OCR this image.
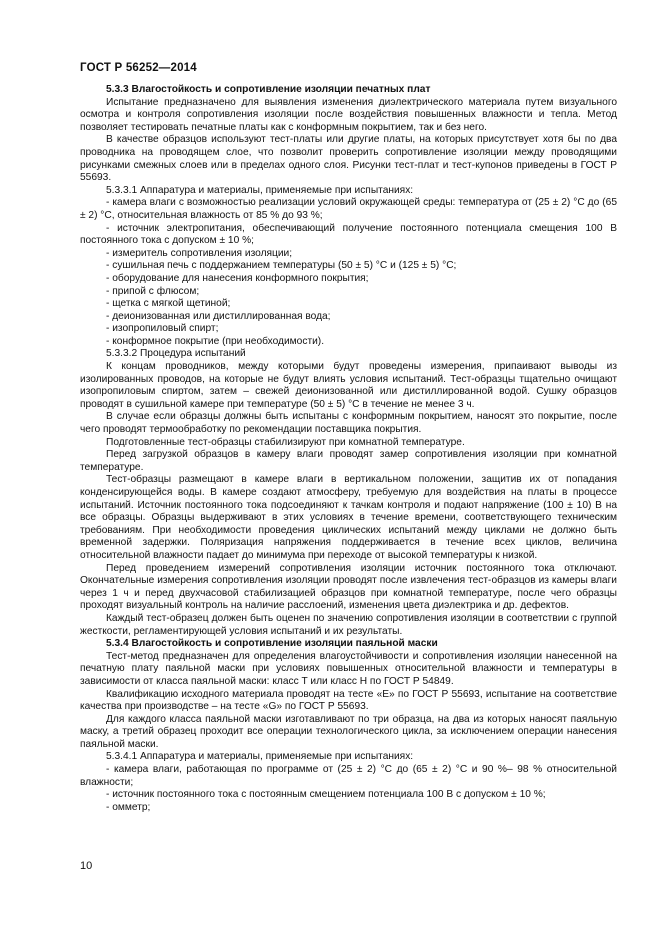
ГОСТ Р 56252—2014

5.3.3 Влагостойкость и сопротивление изоляции печатных плат

Испытание предназначено для выявления изменения диэлектрического материала путем визуального осмотра и контроля сопротивления изоляции после воздействия повышенных влажности и тепла. Метод позволяет тестировать печатные платы как с конформным покрытием, так и без него.

В качестве образцов используют тест-платы или другие платы, на которых присутствует хотя бы по два проводника на проводящем слое, что позволит проверить сопротивление изоляции между проводящими рисунками смежных слоев или в пределах одного слоя. Рисунки тест-плат и тест-купонов приведены в ГОСТ Р 55693.

5.3.3.1 Аппаратура и материалы, применяемые при испытаниях:

- камера влаги с возможностью реализации условий окружающей среды: температура от (25 ± 2) °С до (65 ± 2) °С, относительная влажность от 85 % до 93 %;

- источник электропитания, обеспечивающий получение постоянного потенциала смещения 100 В постоянного тока с допуском ± 10 %;

- измеритель сопротивления изоляции;

- сушильная печь с поддержанием температуры (50 ± 5) °С и (125 ± 5) °С;

- оборудование для нанесения конформного покрытия;

- припой с флюсом;

- щетка с мягкой щетиной;

- деионизованная или дистиллированная вода;

- изопропиловый спирт;

- конформное покрытие (при необходимости).

5.3.3.2 Процедура испытаний

К концам проводников, между которыми будут проведены измерения, припаивают выводы из изолированных проводов, на которые не будут влиять условия испытаний. Тест-образцы тщательно очищают изопропиловым спиртом, затем – свежей деионизованной или дистиллированной водой. Сушку образцов проводят в сушильной камере при температуре (50 ± 5) °С в течение не менее 3 ч.

В случае если образцы должны быть испытаны с конформным покрытием, наносят это покрытие, после чего проводят термообработку по рекомендации поставщика покрытия.

Подготовленные тест-образцы стабилизируют при комнатной температуре.

Перед загрузкой образцов в камеру влаги проводят замер сопротивления изоляции при комнатной температуре.

Тест-образцы размещают в камере влаги в вертикальном положении, защитив их от попадания конденсирующейся воды. В камере создают атмосферу, требуемую для воздействия на платы в процессе испытаний. Источник постоянного тока подсоединяют к тачкам контроля и подают напряжение (100 ± 10) В на все образцы. Образцы выдерживают в этих условиях в течение времени, соответствующего техническим требованиям. При необходимости проведения циклических испытаний между циклами не должно быть временной задержки. Поляризация напряжения поддерживается в течение всех циклов, величина относительной влажности падает до минимума при переходе от высокой температуры к низкой.

Перед проведением измерений сопротивления изоляции источник постоянного тока отключают. Окончательные измерения сопротивления изоляции проводят после извлечения тест-образцов из камеры влаги через 1 ч и перед двухчасовой стабилизацией образцов при комнатной температуре, после чего образцы проходят визуальный контроль на наличие расслоений, изменения цвета диэлектрика и др. дефектов.

Каждый тест-образец должен быть оценен по значению сопротивления изоляции в соответствии с группой жесткости, регламентирующей условия испытаний и их результаты.

5.3.4 Влагостойкость и сопротивление изоляции паяльной маски

Тест-метод предназначен для определения влагоустойчивости и сопротивления изоляции нанесенной на печатную плату паяльной маски при условиях повышенных относительной влажности и температуры в зависимости от класса паяльной маски: класс T или класс H по ГОСТ Р 54849.

Квалификацию исходного материала проводят на тесте «E» по ГОСТ Р 55693, испытание на соответствие качества при производстве – на тесте «G» по ГОСТ Р 55693.

Для каждого класса паяльной маски изготавливают по три образца, на два из которых наносят паяльную маску, а третий образец проходит все операции технологического цикла, за исключением операции нанесения паяльной маски.

5.3.4.1 Аппаратура и материалы, применяемые при испытаниях:

- камера влаги, работающая по программе от (25 ± 2) °С до (65 ± 2) °С и 90 %– 98 % относительной влажности;

- источник постоянного тока с постоянным смещением потенциала 100 В с допуском ± 10 %;

- омметр;

10
